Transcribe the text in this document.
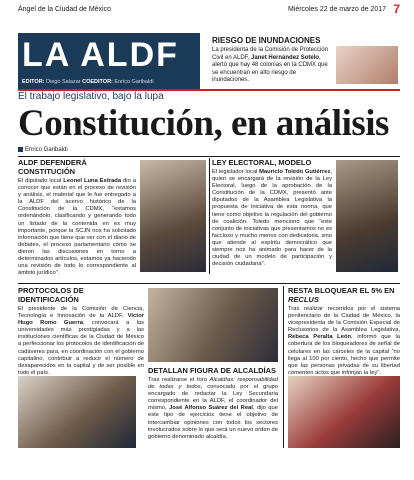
Ángel de la Ciudad de México	Miércoles 22 de marzo de 2017 7
LA ALDF
EDITOR: Diego Salazar COEDITOR: Enrico Garibaldi
RIESGO DE INUNDACIONES

La presidenta de la Comisión de Protección Civil en ALDF, Janet Hernández Sotelo, alertó que hay 48 colonias en la CDMX que se encuentran en alto riesgo de inundaciones.

El trabajo legislativo, bajo la lupa
Constitución, en análisis
Enrico Garibaldi
ALDF DEFENDERÁ CONSTITUCIÓN

El diputado local Leonel Luna Estrada dio a conocer que están en el proceso de revisión y análisis, el material que le fue entregado a la ALDF del acervo histórico de la Constitución de la CDMX, “estamos ordenándolo, clasificando y generando todo un listado de la contenida en es muy importante, porque la SCJN nos ha solicitado información que tiene que ver con el diario de debates, el proceso parlamentario cómo se dieron las discusiones en torno a determinados artículos, estamos ya haciendo una revisión de todo lo correspondiente al ámbito jurídico”.

LEY ELECTORAL, MODELO

El legislador local Mauricio Toledo Gutiérrez, quien se encargará de la revisión de la Ley Electoral, luego de la aprobación de la Constitución de la CDMX, presentó ante diputados de la Asamblea Legislativa la propuesta de iniciativa de esta norma, que tiene como objetivo la regulación del gobierno de coalición. Toledo mencionó que “este conjunto de iniciativas que presentamos no es faccioso y mucho menos con dedicatoria, sino que atiende al espíritu democrático que siempre nos ha animado para hacer de la ciudad de un modelo de participación y decisión ciudadana”.

PROTOCOLOS DE IDENTIFICACIÓN

El presidente de la Comisión de Ciencia, Tecnología e Innovación de la ALDF, Víctor Hugo Romo Guerra, convocará a las universidades más prestigiadas y a las instituciones científicas de la Ciudad de México a perfeccionar los protocolos de identificación de cadáveres para, en coordinación con el gobierno capitalino, contribuir a reducir el número de desaparecidos en la capital y de ser posible en todo el país.	DETALLAN FIGURA DE ALCALDÍAS

Tras realizarse el foro Alcaldías: responsabilidad de todas y todos, convocado por el grupo encargado de redactar la Ley Secundaria correspondiente en la ALDF, el coordinador del mismo, José Alfonso Suárez del Real, dijo que este tipo de ejercicios tiene el objetivo de intercambiar opiniones con todos los sectores involucrados sobre lo que será un nuevo orden de gobierno denominado alcaldía.

RESTA BLOQUEAR EL 5% EN RECLUS

Tras realizar recorridos por el sistema penitenciario de la Ciudad de México, la vicepresidenta de la Comisión Especial de Reclusorios de la Asamblea Legislativa, Rebeca Peralta León, informó que la cobertura de los bloqueadores de señal de celulares en las cárceles de la capital “no llega al 100 por ciento, hecho que permite que las personas privadas de su libertad comenten actos que infrinjan la ley”.
